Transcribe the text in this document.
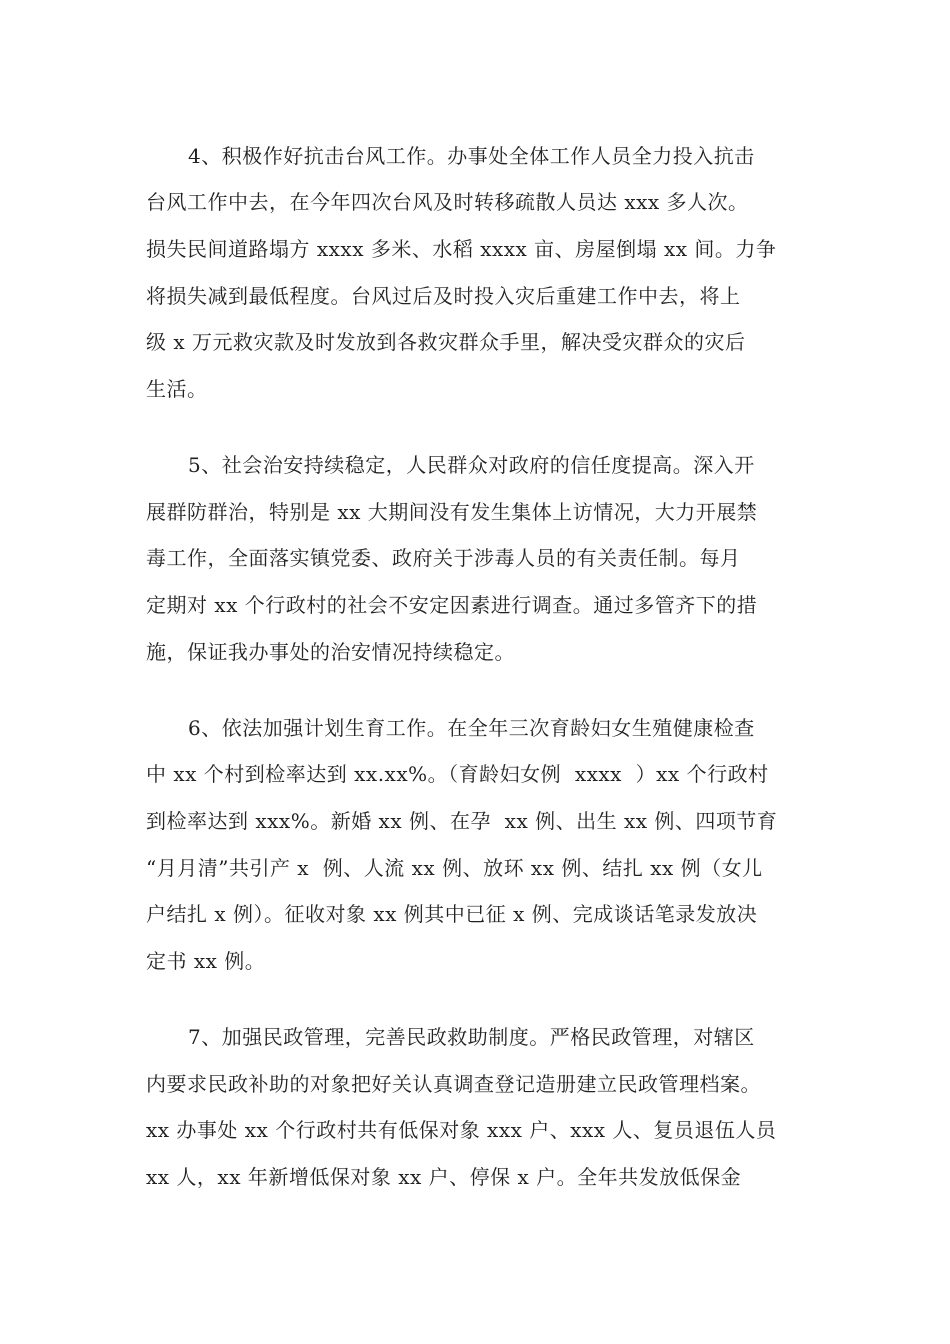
4、积极作好抗击台风工作。办事处全体工作人员全力投入抗击
台风工作中去，在今年四次台风及时转移疏散人员达 xxx 多人次。
损失民间道路塌方 xxxx 多米、水稻 xxxx 亩、房屋倒塌 xx 间。力争
将损失减到最低程度。台风过后及时投入灾后重建工作中去，将上
级 x 万元救灾款及时发放到各救灾群众手里，解决受灾群众的灾后
生活。
5、社会治安持续稳定，人民群众对政府的信任度提高。深入开
展群防群治，特别是 xx 大期间没有发生集体上访情况，大力开展禁
毒工作，全面落实镇党委、政府关于涉毒人员的有关责任制。每月
定期对 xx 个行政村的社会不安定因素进行调查。通过多管齐下的措
施，保证我办事处的治安情况持续稳定。
6、依法加强计划生育工作。在全年三次育龄妇女生殖健康检查
中 xx 个村到检率达到 xx.xx%。（育龄妇女例  xxxx  ）xx 个行政村
到检率达到 xxx%。新婚 xx 例、在孕  xx 例、出生 xx 例、四项节育
“月月清”共引产 x  例、人流 xx 例、放环 xx 例、结扎 xx 例（女儿
户结扎 x 例）。征收对象 xx 例其中已征 x 例、完成谈话笔录发放决
定书 xx 例。
7、加强民政管理，完善民政救助制度。严格民政管理，对辖区
内要求民政补助的对象把好关认真调查登记造册建立民政管理档案。
xx 办事处 xx 个行政村共有低保对象 xxx 户、xxx 人、复员退伍人员
xx 人，xx 年新增低保对象 xx 户、停保 x 户。全年共发放低保金
